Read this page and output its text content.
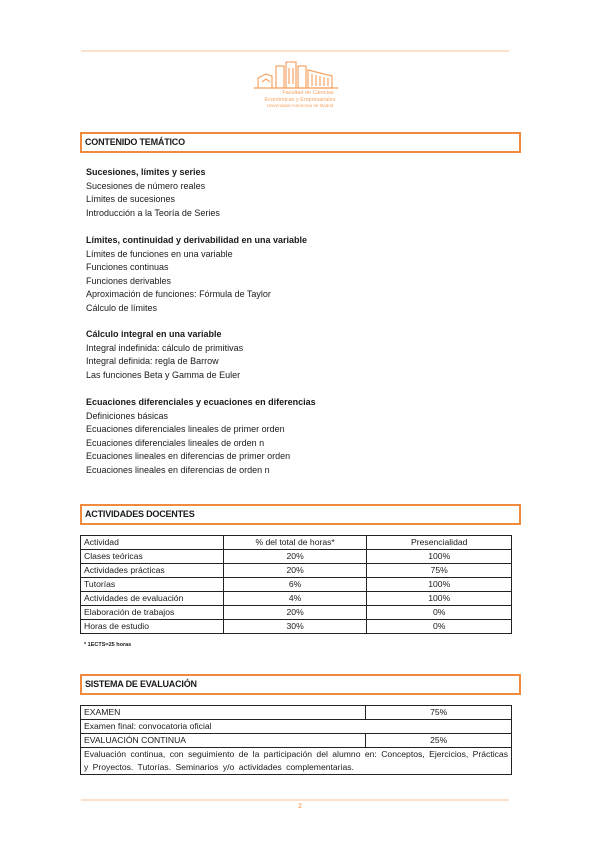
Facultad de Ciencias
Económicas y Empresariales
Universidad Autónoma de Madrid
CONTENIDO TEMÁTICO
Sucesiones, límites y series
Sucesiones de número reales
Límites de sucesiones
Introducción a la Teoría de Series
Límites, continuidad y derivabilidad en una variable
Límites de funciones en una variable
Funciones continuas
Funciones derivables
Aproximación de funciones: Fórmula de Taylor
Cálculo de límites
Cálculo integral en una variable
Integral indefinida: cálculo de primitivas
Integral definida: regla de Barrow
Las funciones Beta y Gamma de Euler
Ecuaciones diferenciales y ecuaciones en diferencias
Definiciones básicas
Ecuaciones diferenciales lineales de primer orden
Ecuaciones diferenciales lineales de orden n
Ecuaciones lineales en diferencias de primer orden
Ecuaciones lineales en diferencias de orden n
ACTIVIDADES DOCENTES
Actividad	% del total de horas*	Presencialidad
Clases teóricas	20%	100%
Actividades prácticas	20%	75%
Tutorías	6%	100%
Actividades de evaluación	4%	100%
Elaboración de trabajos	20%	0%
Horas de estudio	30%	0%
* 1ECTS=25 horas
SISTEMA DE EVALUACIÓN
EXAMEN	75%
Examen final: convocatoria oficial	
EVALUACIÓN CONTINUA	25%
Evaluación continua, con seguimiento de la participación del alumno en: Conceptos, Ejercicios, Prácticas y Proyectos. Tutorías. Seminarios y/o actividades complementarias.	
2
